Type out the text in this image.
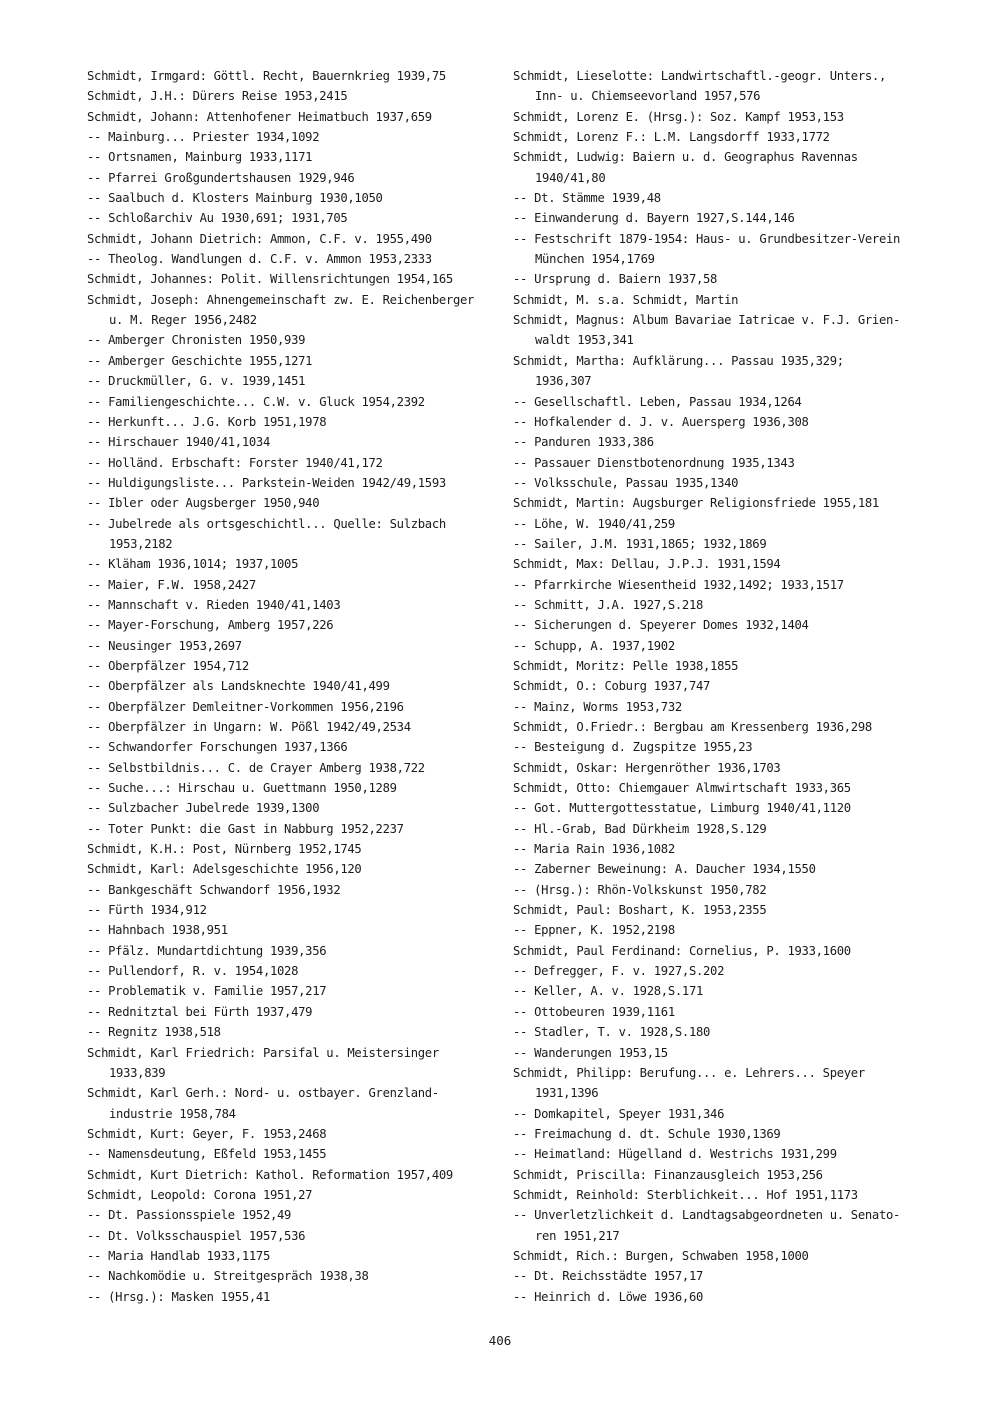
Schmidt, Irmgard: Göttl. Recht, Bauernkrieg 1939,75
Schmidt, J.H.: Dürers Reise 1953,2415
Schmidt, Johann: Attenhofener Heimatbuch 1937,659
-- Mainburg... Priester 1934,1092
-- Ortsnamen, Mainburg 1933,1171
-- Pfarrei Großgundertshausen 1929,946
-- Saalbuch d. Klosters Mainburg 1930,1050
-- Schloßarchiv Au 1930,691; 1931,705
Schmidt, Johann Dietrich: Ammon, C.F. v. 1955,490
-- Theolog. Wandlungen d. C.F. v. Ammon 1953,2333
Schmidt, Johannes: Polit. Willensrichtungen 1954,165
Schmidt, Joseph: Ahnengemeinschaft zw. E. Reichenberger
u. M. Reger 1956,2482
-- Amberger Chronisten 1950,939
-- Amberger Geschichte 1955,1271
-- Druckmüller, G. v. 1939,1451
-- Familiengeschichte... C.W. v. Gluck 1954,2392
-- Herkunft... J.G. Korb 1951,1978
-- Hirschauer 1940/41,1034
-- Holländ. Erbschaft: Forster 1940/41,172
-- Huldigungsliste... Parkstein-Weiden 1942/49,1593
-- Ibler oder Augsberger 1950,940
-- Jubelrede als ortsgeschichtl... Quelle: Sulzbach
1953,2182
-- Kläham 1936,1014; 1937,1005
-- Maier, F.W. 1958,2427
-- Mannschaft v. Rieden 1940/41,1403
-- Mayer-Forschung, Amberg 1957,226
-- Neusinger 1953,2697
-- Oberpfälzer 1954,712
-- Oberpfälzer als Landsknechte 1940/41,499
-- Oberpfälzer Demleitner-Vorkommen 1956,2196
-- Oberpfälzer in Ungarn: W. Pößl 1942/49,2534
-- Schwandorfer Forschungen 1937,1366
-- Selbstbildnis... C. de Crayer Amberg 1938,722
-- Suche...: Hirschau u. Guettmann 1950,1289
-- Sulzbacher Jubelrede 1939,1300
-- Toter Punkt: die Gast in Nabburg 1952,2237
Schmidt, K.H.: Post, Nürnberg 1952,1745
Schmidt, Karl: Adelsgeschichte 1956,120
-- Bankgeschäft Schwandorf 1956,1932
-- Fürth 1934,912
-- Hahnbach 1938,951
-- Pfälz. Mundartdichtung 1939,356
-- Pullendorf, R. v. 1954,1028
-- Problematik v. Familie 1957,217
-- Rednitztal bei Fürth 1937,479
-- Regnitz 1938,518
Schmidt, Karl Friedrich: Parsifal u. Meistersinger
1933,839
Schmidt, Karl Gerh.: Nord- u. ostbayer. Grenzland-
industrie 1958,784
Schmidt, Kurt: Geyer, F. 1953,2468
-- Namensdeutung, Eßfeld 1953,1455
Schmidt, Kurt Dietrich: Kathol. Reformation 1957,409
Schmidt, Leopold: Corona 1951,27
-- Dt. Passionsspiele 1952,49
-- Dt. Volksschauspiel 1957,536
-- Maria Handlab 1933,1175
-- Nachkomödie u. Streitgespräch 1938,38
-- (Hrsg.): Masken 1955,41
Schmidt, Lieselotte: Landwirtschaftl.-geogr. Unters.,
Inn- u. Chiemseevorland 1957,576
Schmidt, Lorenz E. (Hrsg.): Soz. Kampf 1953,153
Schmidt, Lorenz F.: L.M. Langsdorff 1933,1772
Schmidt, Ludwig: Baiern u. d. Geographus Ravennas
1940/41,80
-- Dt. Stämme 1939,48
-- Einwanderung d. Bayern 1927,S.144,146
-- Festschrift 1879-1954: Haus- u. Grundbesitzer-Verein
München 1954,1769
-- Ursprung d. Baiern 1937,58
Schmidt, M. s.a. Schmidt, Martin
Schmidt, Magnus: Album Bavariae Iatricae v. F.J. Grien-
waldt 1953,341
Schmidt, Martha: Aufklärung... Passau 1935,329;
1936,307
-- Gesellschaftl. Leben, Passau 1934,1264
-- Hofkalender d. J. v. Auersperg 1936,308
-- Panduren 1933,386
-- Passauer Dienstbotenordnung 1935,1343
-- Volksschule, Passau 1935,1340
Schmidt, Martin: Augsburger Religionsfriede 1955,181
-- Löhe, W. 1940/41,259
-- Sailer, J.M. 1931,1865; 1932,1869
Schmidt, Max: Dellau, J.P.J. 1931,1594
-- Pfarrkirche Wiesentheid 1932,1492; 1933,1517
-- Schmitt, J.A. 1927,S.218
-- Sicherungen d. Speyerer Domes 1932,1404
-- Schupp, A. 1937,1902
Schmidt, Moritz: Pelle 1938,1855
Schmidt, O.: Coburg 1937,747
-- Mainz, Worms 1953,732
Schmidt, O.Friedr.: Bergbau am Kressenberg 1936,298
-- Besteigung d. Zugspitze 1955,23
Schmidt, Oskar: Hergenröther 1936,1703
Schmidt, Otto: Chiemgauer Almwirtschaft 1933,365
-- Got. Muttergottesstatue, Limburg 1940/41,1120
-- Hl.-Grab, Bad Dürkheim 1928,S.129
-- Maria Rain 1936,1082
-- Zaberner Beweinung: A. Daucher 1934,1550
-- (Hrsg.): Rhön-Volkskunst 1950,782
Schmidt, Paul: Boshart, K. 1953,2355
-- Eppner, K. 1952,2198
Schmidt, Paul Ferdinand: Cornelius, P. 1933,1600
-- Defregger, F. v. 1927,S.202
-- Keller, A. v. 1928,S.171
-- Ottobeuren 1939,1161
-- Stadler, T. v. 1928,S.180
-- Wanderungen 1953,15
Schmidt, Philipp: Berufung... e. Lehrers... Speyer
1931,1396
-- Domkapitel, Speyer 1931,346
-- Freimachung d. dt. Schule 1930,1369
-- Heimatland: Hügelland d. Westrichs 1931,299
Schmidt, Priscilla: Finanzausgleich 1953,256
Schmidt, Reinhold: Sterblichkeit... Hof 1951,1173
-- Unverletzlichkeit d. Landtagsabgeordneten u. Senato-
ren 1951,217
Schmidt, Rich.: Burgen, Schwaben 1958,1000
-- Dt. Reichsstädte 1957,17
-- Heinrich d. Löwe 1936,60
406
